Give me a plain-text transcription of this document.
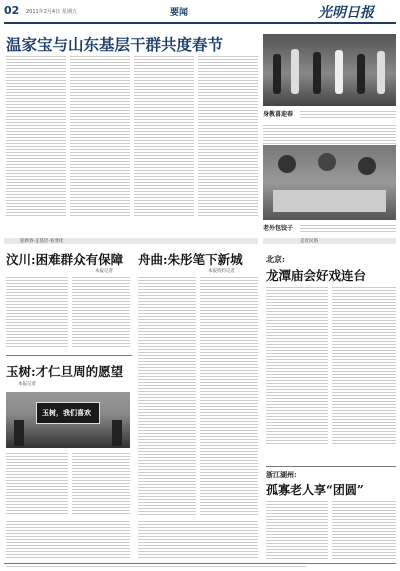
02 2011年2月4日 星期五	要闻	光明日报
温家宝与山东基层干群共度春节
身教喜迎春
老外包饺子
迎新春·走基层·看变化	走近民俗
汶川:困难群众有保障
本报记者
舟曲:朱彤笔下新城
本报特约记者
玉树:才仁旦周的愿望
本报记者
玉树，我们喜欢
北京:
龙潭庙会好戏连台
浙江湖州:
孤寡老人享“团圆”
